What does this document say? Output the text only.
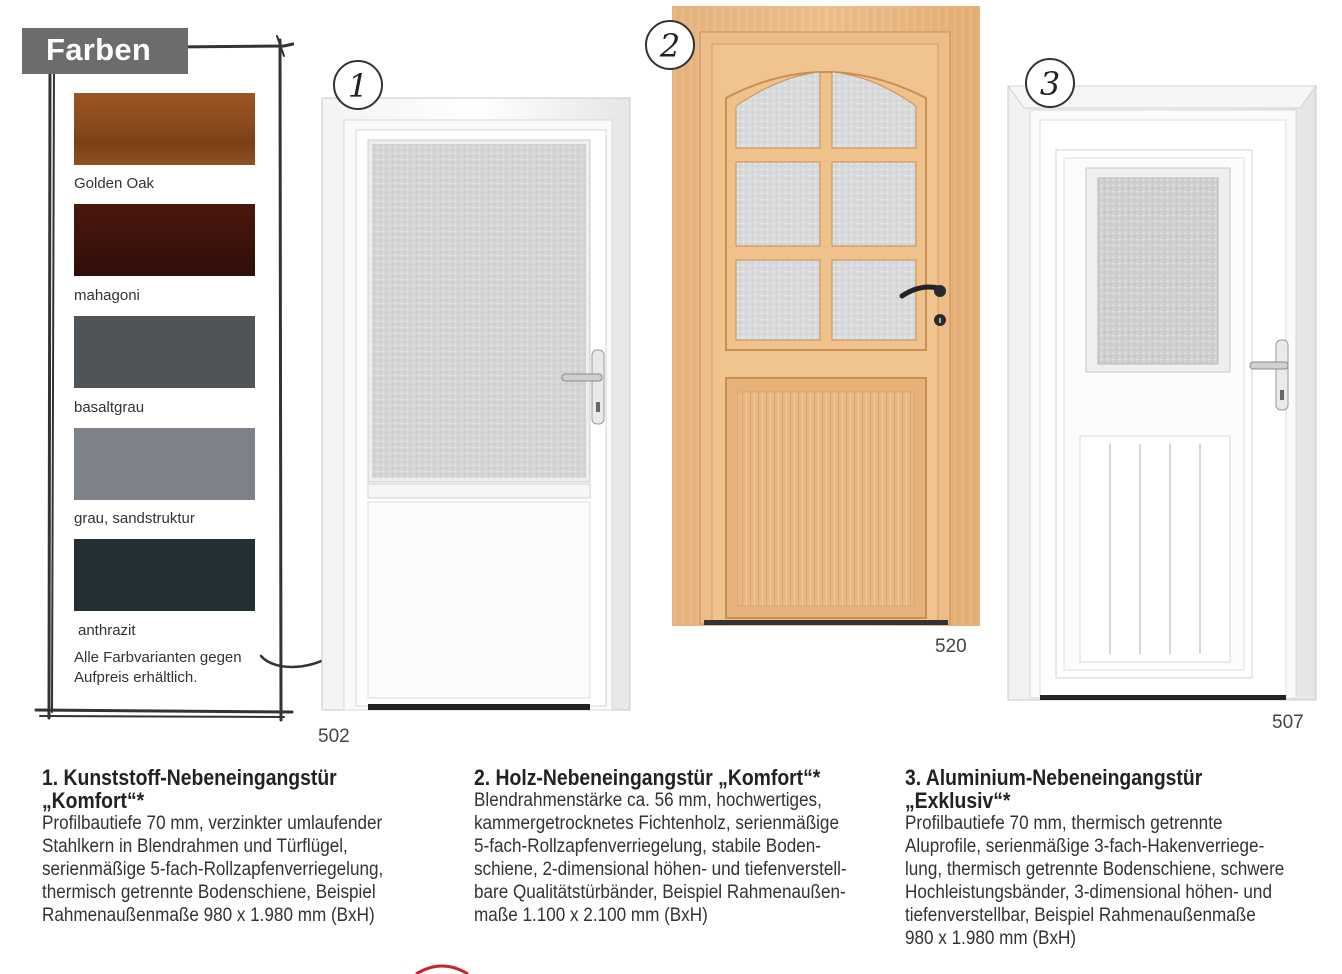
Farben
Golden Oak
mahagoni
basaltgrau
grau, sandstruktur
anthrazit
Alle Farbvarianten gegen
Aufpreis erhältlich.
1
502
2
520
3
507
1. Kunststoff-Nebeneingangstür
„Komfort“*

Profilbautiefe 70 mm, verzinkter umlaufender
Stahlkern in Blendrahmen und Türflügel,
serienmäßige 5-fach-Rollzapfenverriegelung,
thermisch getrennte Bodenschiene, Beispiel
Rahmenaußenmaße 980 x 1.980 mm (BxH)

2. Holz-Nebeneingangstür „Komfort“*

Blendrahmenstärke ca. 56 mm, hochwertiges,
kammergetrocknetes Fichtenholz, serienmäßige
5-fach-Rollzapfenverriegelung, stabile Boden-
schiene, 2-dimensional höhen- und tiefenverstell-
bare Qualitätstürbänder, Beispiel Rahmenaußen-
maße 1.100 x 2.100 mm (BxH)

3. Aluminium-Nebeneingangstür
„Exklusiv“*

Profilbautiefe 70 mm, thermisch getrennte
Aluprofile, serienmäßige 3-fach-Hakenverriege-
lung, thermisch getrennte Bodenschiene, schwere
Hochleistungsbänder, 3-dimensional höhen- und
tiefenverstellbar, Beispiel Rahmenaußenmaße
980 x 1.980 mm (BxH)
